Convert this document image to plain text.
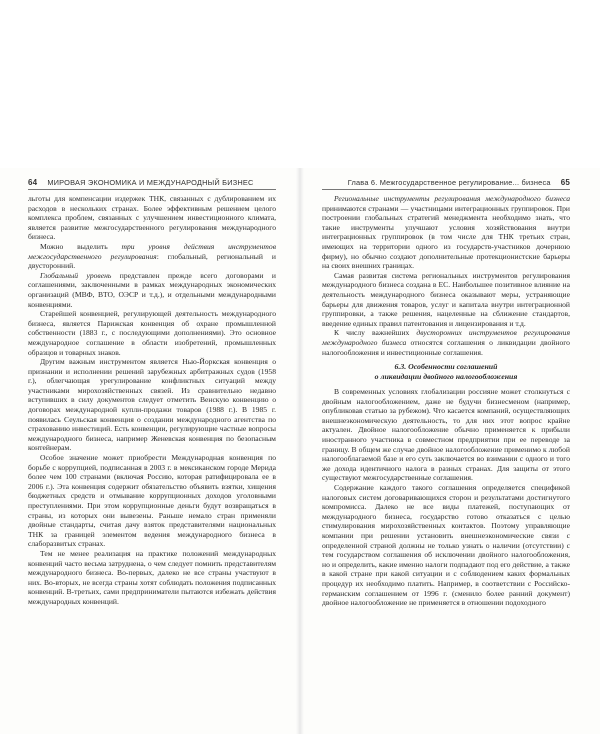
64 МИРОВАЯ ЭКОНОМИКА И МЕЖДУНАРОДНЫЙ БИЗНЕС	Глава 6. Межгосударственное регулирование... бизнеса 65

льготы для компенсации издержек ТНК, связанных с дублированием их расходов в нескольких странах. Более эффективным решением целого комплекса проблем, связанных с улучшением инвестиционного климата, является развитие межгосударственного регулирования международного бизнеса.

Можно выделить три уровня действия инструментов межгосударственного регулирования: глобальный, региональный и двусторонний.

Глобальный уровень представлен прежде всего договорами и соглашениями, заключенными в рамках международных экономических организаций (МВФ, ВТО, ОЭСР и т.д.), и отдельными международными конвенциями.

Старейшей конвенцией, регулирующей деятельность международного бизнеса, является Парижская конвенция об охране промышленной собственности (1883 г., с последующими дополнениями). Это основное международное соглашение в области изобретений, промышленных образцов и товарных знаков.

Другим важным инструментом является Нью-Йоркская конвенция о признании и исполнении решений зарубежных арбитражных судов (1958 г.), облегчающая урегулирование конфликтных ситуаций между участниками мирохозяйственных связей. Из сравнительно недавно вступивших в силу документов следует отметить Венскую конвенцию о договорах международной купли-продажи товаров (1988 г.). В 1985 г. появилась Сеульская конвенция о создании международного агентства по страхованию инвестиций. Есть конвенции, регулирующие частные вопросы международного бизнеса, например Женевская конвенция по безопасным контейнерам.

Особое значение может приобрести Международная конвенция по борьбе с коррупцией, подписанная в 2003 г. в мексиканском городе Мерида более чем 100 странами (включая Россию, которая ратифицировала ее в 2006 г.). Эта конвенция содержит обязательство объявить взятки, хищения бюджетных средств и отмывание коррупционных доходов уголовными преступлениями. При этом коррупционные деньги будут возвращаться в страны, из которых они вывезены. Раньше немало стран применяли двойные стандарты, считая дачу взяток представителями национальных ТНК за границей элементом ведения международного бизнеса в слаборазвитых странах.

Тем не менее реализация на практике положений международных конвенций часто весьма затруднена, о чем следует помнить представителям международного бизнеса. Во-первых, далеко не все страны участвуют в них. Во-вторых, не всегда страны хотят соблюдать положения подписанных конвенций. В-третьих, сами предприниматели пытаются избежать действия международных конвенций.

Региональные инструменты регулирования международного бизнеса принимаются странами — участницами интеграционных группировок. При построении глобальных стратегий менеджмента необходимо знать, что такие инструменты улучшают условия хозяйствования внутри интеграционных группировок (в том числе для ТНК третьих стран, имеющих на территории одного из государств-участников дочернюю фирму), но обычно создают дополнительные протекционистские барьеры на своих внешних границах.

Самая развитая система региональных инструментов регулирования международного бизнеса создана в ЕС. Наибольшее позитивное влияние на деятельность международного бизнеса оказывают меры, устраняющие барьеры для движения товаров, услуг и капитала внутри интеграционной группировки, а также решения, нацеленные на сближение стандартов, введение единых правил патентования и лицензирования и т.д.

К числу важнейших двусторонних инструментов регулирования международного бизнеса относятся соглашения о ликвидации двойного налогообложения и инвестиционные соглашения.

6.3. Особенности соглашений
о ликвидации двойного налогообложения

В современных условиях глобализации россияне может столкнуться с двойным налогообложением, даже не будучи бизнесменом (например, опубликовав статью за рубежом). Что касается компаний, осуществляющих внешнеэкономическую деятельность, то для них этот вопрос крайне актуален. Двойное налогообложение обычно применяется к прибыли иностранного участника в совместном предприятии при ее переводе за границу. В общем же случае двойное налогообложение применимо к любой налогооблагаемой базе и его суть заключается во взимании с одного и того же дохода идентичного налога в разных странах. Для защиты от этого существуют межгосударственные соглашения.

Содержание каждого такого соглашения определяется спецификой налоговых систем договаривающихся сторон и результатами достигнутого компромисса. Далеко не все виды платежей, поступающих от международного бизнеса, государство готово отказаться с целью стимулирования мирохозяйственных контактов. Поэтому управляющие компании при решении установить внешнеэкономические связи с определенной страной должны не только узнать о наличии (отсутствии) с тем государством соглашения об исключении двойного налогообложения, но и определить, какие именно налоги подпадают под его действие, а также в какой стране при какой ситуации и с соблюдением каких формальных процедур их необходимо платить. Например, в соответствии с Российско-германским соглашением от 1996 г. (сменило более ранний документ) двойное налогообложение не применяется в отношении подоходного
